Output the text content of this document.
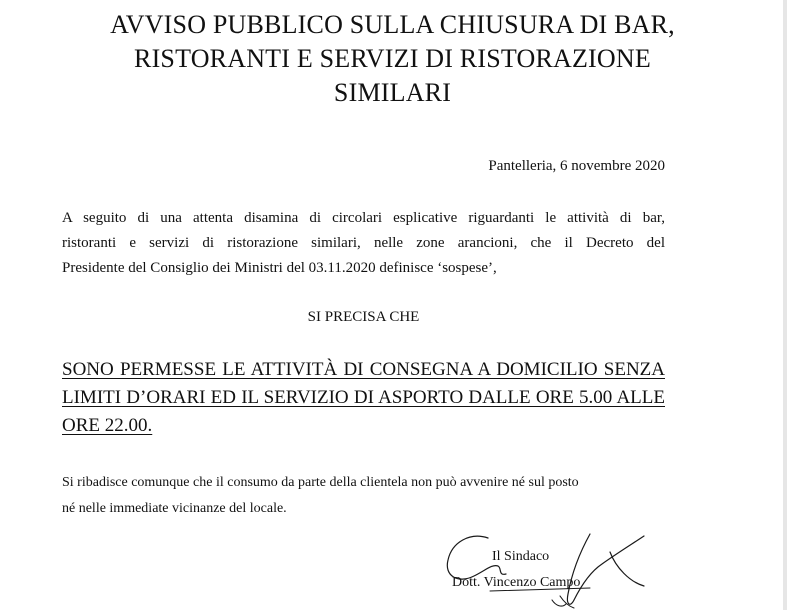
AVVISO PUBBLICO SULLA CHIUSURA DI BAR,
RISTORANTI E SERVIZI DI RISTORAZIONE
SIMILARI
Pantelleria, 6 novembre 2020
A seguito di una attenta disamina di circolari esplicative riguardanti le attività di bar,
ristoranti e servizi di ristorazione similari, nelle zone arancioni, che il Decreto del
Presidente del Consiglio dei Ministri del 03.11.2020 definisce ‘sospese’,
SI PRECISA CHE
SONO PERMESSE LE ATTIVITÀ DI CONSEGNA A DOMICILIO SENZA
LIMITI D’ORARI ED IL SERVIZIO DI ASPORTO DALLE ORE 5.00 ALLE
ORE 22.00.
Si ribadisce comunque che il consumo da parte della clientela non può avvenire né sul posto
né nelle immediate vicinanze del locale.
Il Sindaco
Dott. Vincenzo Campo
